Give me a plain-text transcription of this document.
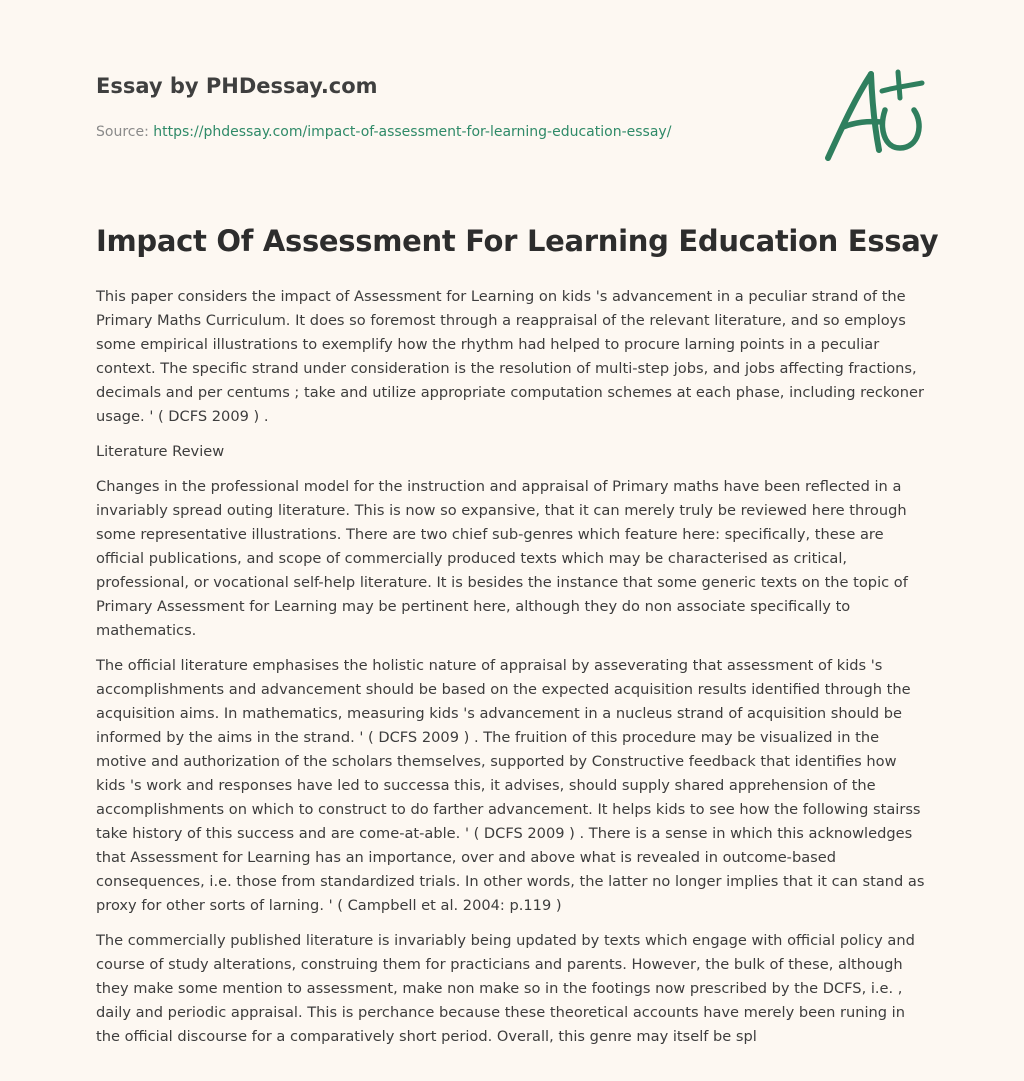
Essay by PHDessay.com
Source: https://phdessay.com/impact-of-assessment-for-learning-education-essay/
Impact Of Assessment For Learning Education Essay

This paper considers the impact of Assessment for Learning on kids 's advancement in a peculiar strand of the Primary Maths Curriculum. It does so foremost through a reappraisal of the relevant literature, and so employs some empirical illustrations to exemplify how the rhythm had helped to procure larning points in a peculiar context. The specific strand under consideration is the resolution of multi-step jobs, and jobs affecting fractions, decimals and per centums ; take and utilize appropriate computation schemes at each phase, including reckoner usage. ' ( DCFS 2009 ) .

Literature Review

Changes in the professional model for the instruction and appraisal of Primary maths have been reflected in a invariably spread outing literature. This is now so expansive, that it can merely truly be reviewed here through some representative illustrations. There are two chief sub-genres which feature here: specifically, these are official publications, and scope of commercially produced texts which may be characterised as critical, professional, or vocational self-help literature. It is besides the instance that some generic texts on the topic of Primary Assessment for Learning may be pertinent here, although they do non associate specifically to mathematics.

The official literature emphasises the holistic nature of appraisal by asseverating that assessment of kids 's accomplishments and advancement should be based on the expected acquisition results identified through the acquisition aims. In mathematics, measuring kids 's advancement in a nucleus strand of acquisition should be informed by the aims in the strand. ' ( DCFS 2009 ) . The fruition of this procedure may be visualized in the motive and authorization of the scholars themselves, supported by Constructive feedback that identifies how kids 's work and responses have led to successa this, it advises, should supply shared apprehension of the accomplishments on which to construct to do farther advancement. It helps kids to see how the following stairss take history of this success and are come-at-able. ' ( DCFS 2009 ) . There is a sense in which this acknowledges that Assessment for Learning has an importance, over and above what is revealed in outcome-based consequences, i.e. those from standardized trials. In other words, the latter no longer implies that it can stand as proxy for other sorts of larning. ' ( Campbell et al. 2004: p.119 )

The commercially published literature is invariably being updated by texts which engage with official policy and course of study alterations, construing them for practicians and parents. However, the bulk of these, although they make some mention to assessment, make non make so in the footings now prescribed by the DCFS, i.e. , daily and periodic appraisal. This is perchance because these theoretical accounts have merely been runing in the official discourse for a comparatively short period. Overall, this genre may itself be spl
